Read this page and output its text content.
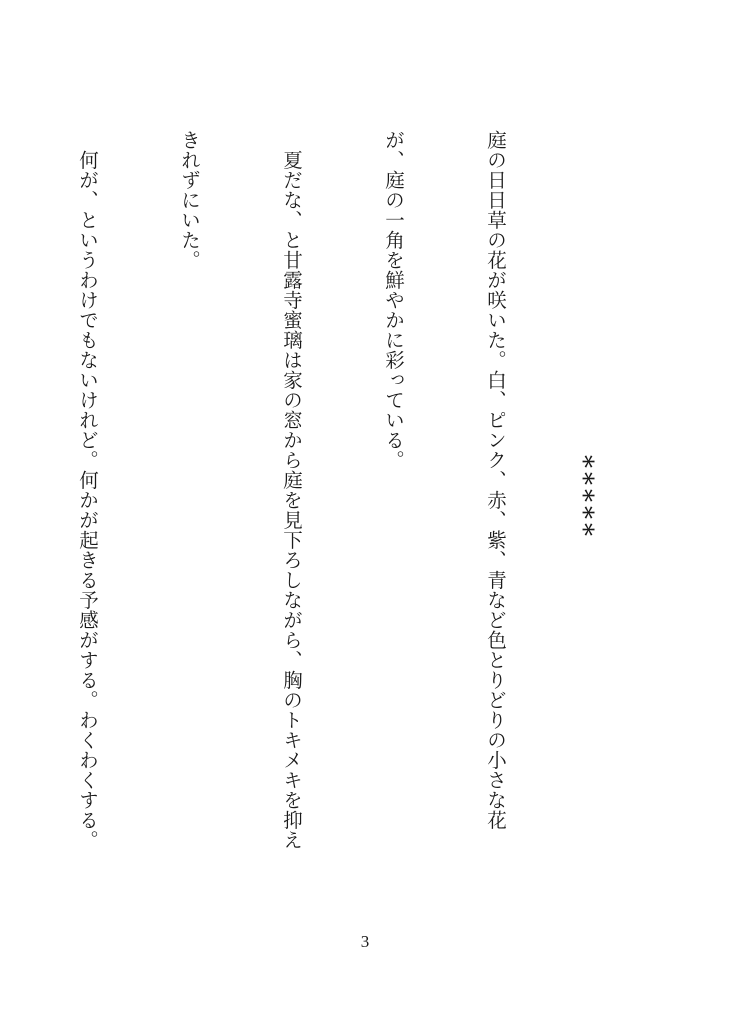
*****

庭の日日草の花が咲いた。白、ピンク、赤、紫、青など色とりどりの小さな花

が、庭の一角を鮮やかに彩っている。

　夏だな、と甘露寺蜜璃は家の窓から庭を見下ろしながら、胸のトキメキを抑え

きれずにいた。

　何が、というわけでもないけれど。何かが起きる予感がする。わくわくする。

3
